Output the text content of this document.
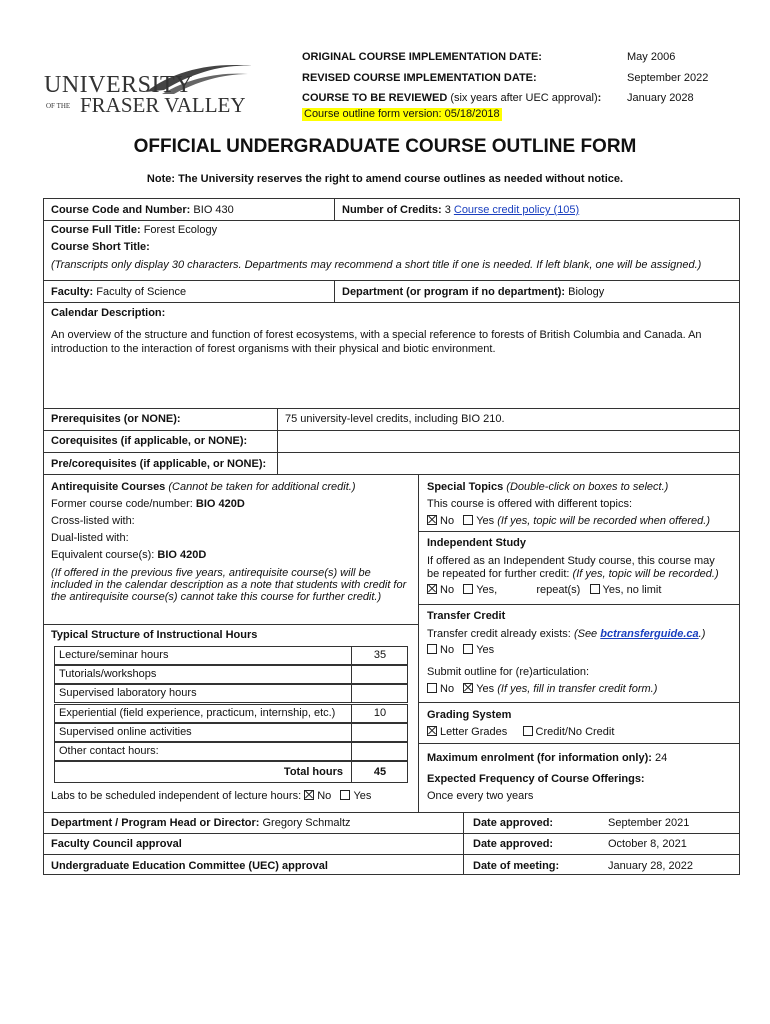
UNIVERSITY
OF THE FRASER VALLEY
ORIGINAL COURSE IMPLEMENTATION DATE:	May 2006
REVISED COURSE IMPLEMENTATION DATE:	September 2022
COURSE TO BE REVIEWED (six years after UEC approval): January 2028
Course outline form version: 05/18/2018
OFFICIAL UNDERGRADUATE COURSE OUTLINE FORM
Note: The University reserves the right to amend course outlines as needed without notice.
Course Code and Number: BIO 430	Number of Credits: 3 Course credit policy (105)
Course Full Title: Forest Ecology
Course Short Title:
(Transcripts only display 30 characters. Departments may recommend a short title if one is needed. If left blank, one will be assigned.)
Faculty: Faculty of Science	Department (or program if no department): Biology
Calendar Description:
An overview of the structure and function of forest ecosystems, with a special reference to forests of British Columbia and Canada. An introduction to the interaction of forest organisms with their physical and biotic environment.
Prerequisites (or NONE):	75 university-level credits, including BIO 210.
Corequisites (if applicable, or NONE):
Pre/corequisites (if applicable, or NONE):
Antirequisite Courses (Cannot be taken for additional credit.)
Former course code/number: BIO 420D
Cross-listed with:
Dual-listed with:
Equivalent course(s): BIO 420D
(If offered in the previous five years, antirequisite course(s) will be included in the calendar description as a note that students with credit for the antirequisite course(s) cannot take this course for further credit.)
Typical Structure of Instructional Hours
Lecture/seminar hours	35
Tutorials/workshops
Supervised laboratory hours
Experiential (field experience, practicum, internship, etc.)	10
Supervised online activities
Other contact hours:
Total hours	45
Labs to be scheduled independent of lecture hours: No Yes
Special Topics (Double-click on boxes to select.)
This course is offered with different topics:
No Yes (If yes, topic will be recorded when offered.)
Independent Study
If offered as an Independent Study course, this course may
be repeated for further credit: (If yes, topic will be recorded.)
No Yes,	repeat(s) Yes, no limit
Transfer Credit
Transfer credit already exists: (See bctransferguide.ca.)
No Yes
Submit outline for (re)articulation:
No Yes (If yes, fill in transfer credit form.)
Grading System
Letter Grades	Credit/No Credit
Maximum enrolment (for information only): 24
Expected Frequency of Course Offerings:
Once every two years
Department / Program Head or Director: Gregory Schmaltz	Date approved:	September 2021
Faculty Council approval	Date approved:	October 8, 2021
Undergraduate Education Committee (UEC) approval	Date of meeting:	January 28, 2022
